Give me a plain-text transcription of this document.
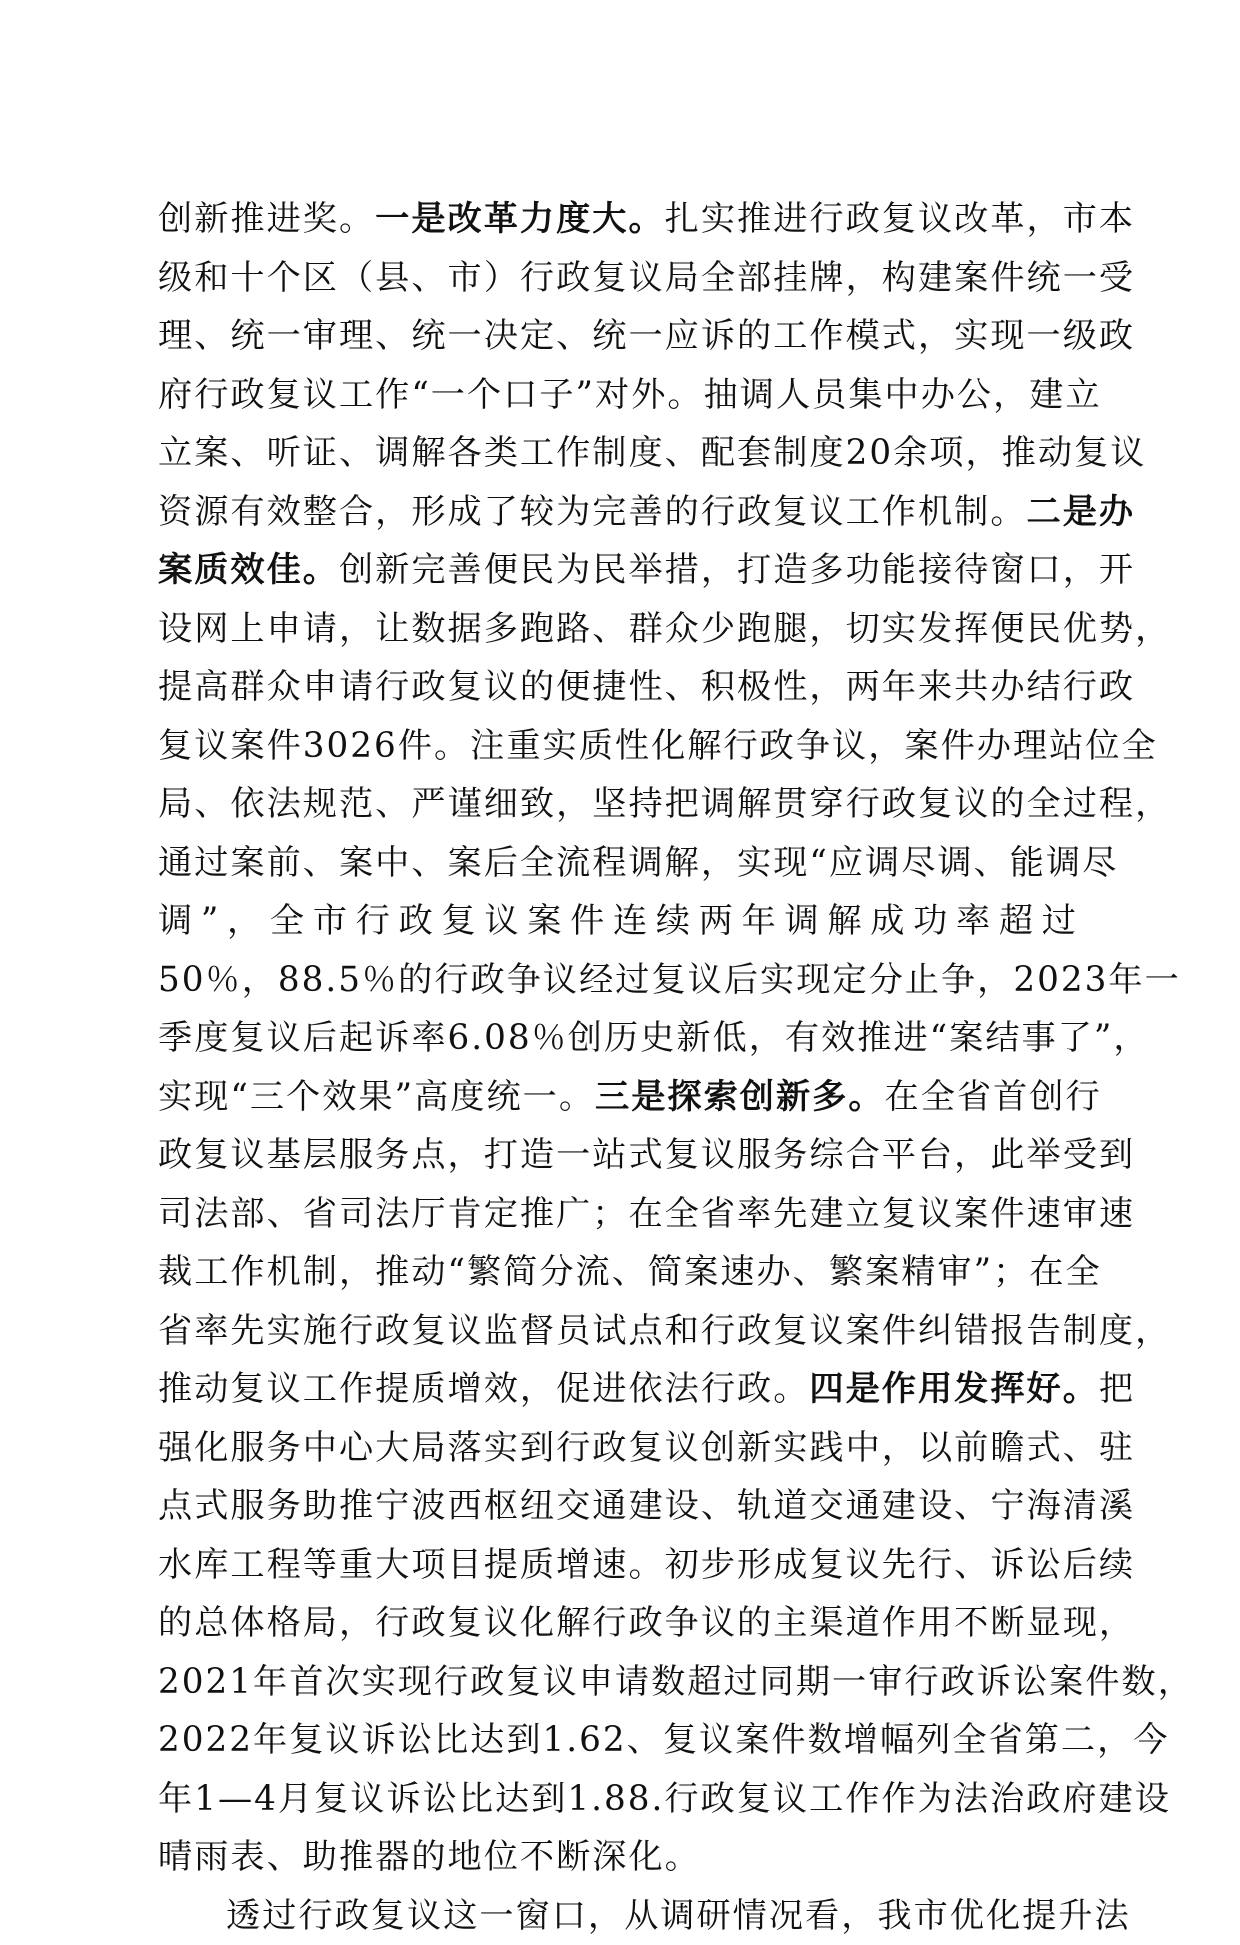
创新推进奖。一是改革力度大。扎实推进行政复议改革，市本
级和十个区（县、市）行政复议局全部挂牌，构建案件统一受
理、统一审理、统一决定、统一应诉的工作模式，实现一级政
府行政复议工作“一个口子”对外。抽调人员集中办公，建立
立案、听证、调解各类工作制度、配套制度20余项，推动复议
资源有效整合，形成了较为完善的行政复议工作机制。二是办
案质效佳。创新完善便民为民举措，打造多功能接待窗口，开
设网上申请，让数据多跑路、群众少跑腿，切实发挥便民优势，
提高群众申请行政复议的便捷性、积极性，两年来共办结行政
复议案件3026件。注重实质性化解行政争议，案件办理站位全
局、依法规范、严谨细致，坚持把调解贯穿行政复议的全过程，
通过案前、案中、案后全流程调解，实现“应调尽调、能调尽
调”，全市行政复议案件连续两年调解成功率超过
50％，88.5％的行政争议经过复议后实现定分止争，2023年一
季度复议后起诉率6.08％创历史新低，有效推进“案结事了”，
实现“三个效果”高度统一。三是探索创新多。在全省首创行
政复议基层服务点，打造一站式复议服务综合平台，此举受到
司法部、省司法厅肯定推广；在全省率先建立复议案件速审速
裁工作机制，推动“繁简分流、简案速办、繁案精审”；在全
省率先实施行政复议监督员试点和行政复议案件纠错报告制度，
推动复议工作提质增效，促进依法行政。四是作用发挥好。把
强化服务中心大局落实到行政复议创新实践中，以前瞻式、驻
点式服务助推宁波西枢纽交通建设、轨道交通建设、宁海清溪
水库工程等重大项目提质增速。初步形成复议先行、诉讼后续
的总体格局，行政复议化解行政争议的主渠道作用不断显现，
2021年首次实现行政复议申请数超过同期一审行政诉讼案件数，
2022年复议诉讼比达到1.62、复议案件数增幅列全省第二，今
年1—4月复议诉讼比达到1.88.行政复议工作作为法治政府建设
晴雨表、助推器的地位不断深化。
透过行政复议这一窗口，从调研情况看，我市优化提升法
